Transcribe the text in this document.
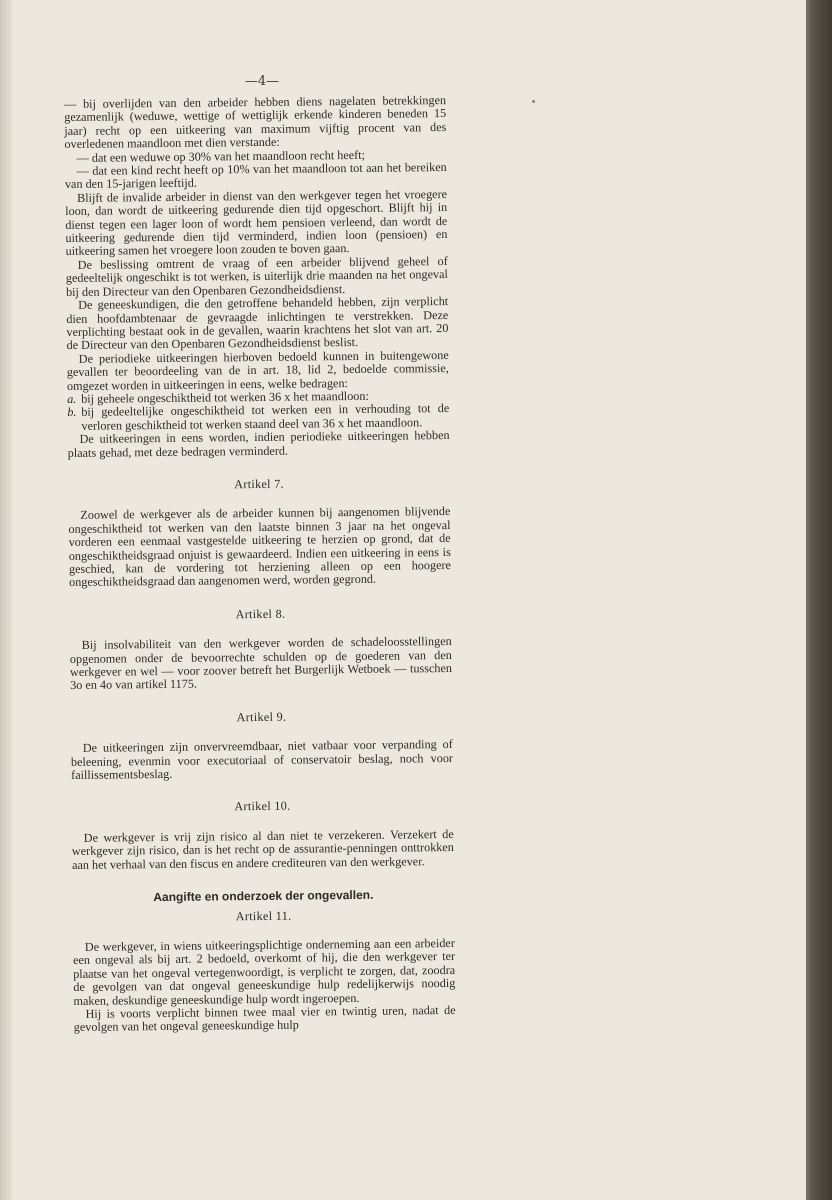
—4—

— bij overlijden van den arbeider hebben diens nagelaten betrekkingen gezamenlijk (weduwe, wettige of wettiglijk erkende kinderen beneden 15 jaar) recht op een uitkeering van maximum vijftig procent van des overledenen maandloon met dien verstande:

— dat een weduwe op 30% van het maandloon recht heeft;

— dat een kind recht heeft op 10% van het maandloon tot aan het bereiken van den 15-jarigen leeftijd.

Blijft de invalide arbeider in dienst van den werkgever tegen het vroegere loon, dan wordt de uitkeering gedurende dien tijd opgeschort. Blijft hij in dienst tegen een lager loon of wordt hem pensioen verleend, dan wordt de uitkeering gedurende dien tijd verminderd, indien loon (pensioen) en uitkeering samen het vroegere loon zouden te boven gaan.

De beslissing omtrent de vraag of een arbeider blijvend geheel of gedeeltelijk ongeschikt is tot werken, is uiterlijk drie maanden na het ongeval bij den Directeur van den Openbaren Gezondheidsdienst.

De geneeskundigen, die den getroffene behandeld hebben, zijn verplicht dien hoofdambtenaar de gevraagde inlichtingen te verstrekken. Deze verplichting bestaat ook in de gevallen, waarin krachtens het slot van art. 20 de Directeur van den Openbaren Gezondheidsdienst beslist.

De periodieke uitkeeringen hierboven bedoeld kunnen in buitengewone gevallen ter beoordeeling van de in art. 18, lid 2, bedoelde commissie, omgezet worden in uitkeeringen in eens, welke bedragen:

a. bij geheele ongeschiktheid tot werken 36 x het maandloon:
b. bij gedeeltelijke ongeschiktheid tot werken een in verhouding tot de verloren geschiktheid tot werken staand deel van 36 x het maandloon.

De uitkeeringen in eens worden, indien periodieke uitkeeringen hebben plaats gehad, met deze bedragen verminderd.

Artikel 7.

Zoowel de werkgever als de arbeider kunnen bij aangenomen blijvende ongeschiktheid tot werken van den laatste binnen 3 jaar na het ongeval vorderen een eenmaal vastgestelde uitkeering te herzien op grond, dat de ongeschiktheidsgraad onjuist is gewaardeerd. Indien een uitkeering in eens is geschied, kan de vordering tot herziening alleen op een hoogere ongeschiktheidsgraad dan aangenomen werd, worden gegrond.

Artikel 8.

Bij insolvabiliteit van den werkgever worden de schadeloosstellingen opgenomen onder de bevoorrechte schulden op de goederen van den werkgever en wel — voor zoover betreft het Burgerlijk Wetboek — tusschen 3o en 4o van artikel 1175.

Artikel 9.

De uitkeeringen zijn onvervreemdbaar, niet vatbaar voor verpanding of beleening, evenmin voor executoriaal of conservatoir beslag, noch voor faillissementsbeslag.

Artikel 10.

De werkgever is vrij zijn risico al dan niet te verzekeren. Verzekert de werkgever zijn risico, dan is het recht op de assurantie-penningen onttrokken aan het verhaal van den fiscus en andere crediteuren van den werkgever.

Aangifte en onderzoek der ongevallen.
Artikel 11.

De werkgever, in wiens uitkeeringsplichtige onderneming aan een arbeider een ongeval als bij art. 2 bedoeld, overkomt of hij, die den werkgever ter plaatse van het ongeval vertegenwoordigt, is verplicht te zorgen, dat, zoodra de gevolgen van dat ongeval geneeskundige hulp redelijkerwijs noodig maken, deskundige geneeskundige hulp wordt ingeroepen.

Hij is voorts verplicht binnen twee maal vier en twintig uren, nadat de gevolgen van het ongeval geneeskundige hulp
